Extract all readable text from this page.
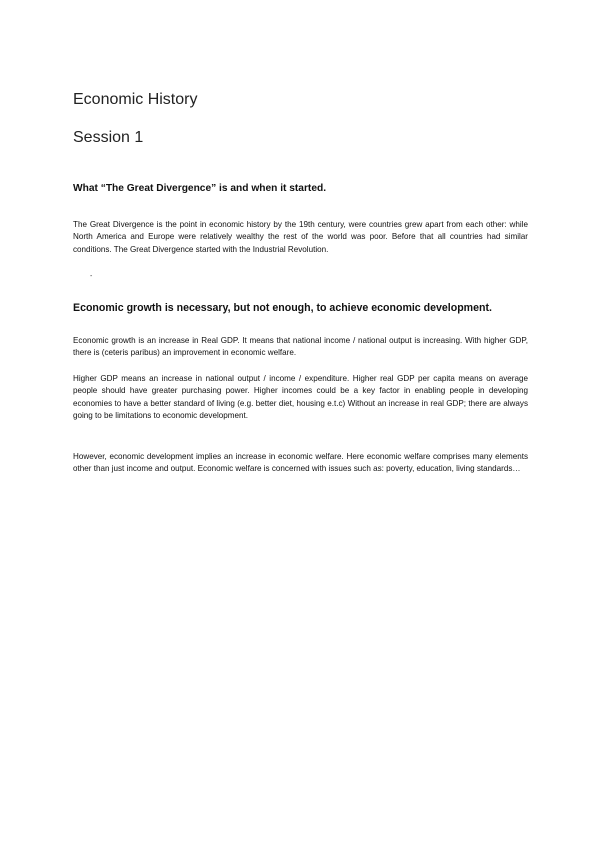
Economic History
Session 1
What “The Great Divergence” is and when it started.

The Great Divergence is the point in economic history by the 19th century, were countries grew apart from each other: while North America and Europe were relatively wealthy the rest of the world was poor. Before that all countries had similar conditions. The Great Divergence started with the Industrial Revolution.

-
Economic growth is necessary, but not enough, to achieve economic development.

Economic growth is an increase in Real GDP. It means that national income / national output is increasing. With higher GDP, there is (ceteris paribus) an improvement in economic welfare.

Higher GDP means an increase in national output / income / expenditure. Higher real GDP per capita means on average people should have greater purchasing power. Higher incomes could be a key factor in enabling people in developing economies to have a better standard of living (e.g. better diet, housing e.t.c) Without an increase in real GDP; there are always going to be limitations to economic development.

However, economic development implies an increase in economic welfare. Here economic welfare comprises many elements other than just income and output. Economic welfare is concerned with issues such as: poverty, education, living standards…
